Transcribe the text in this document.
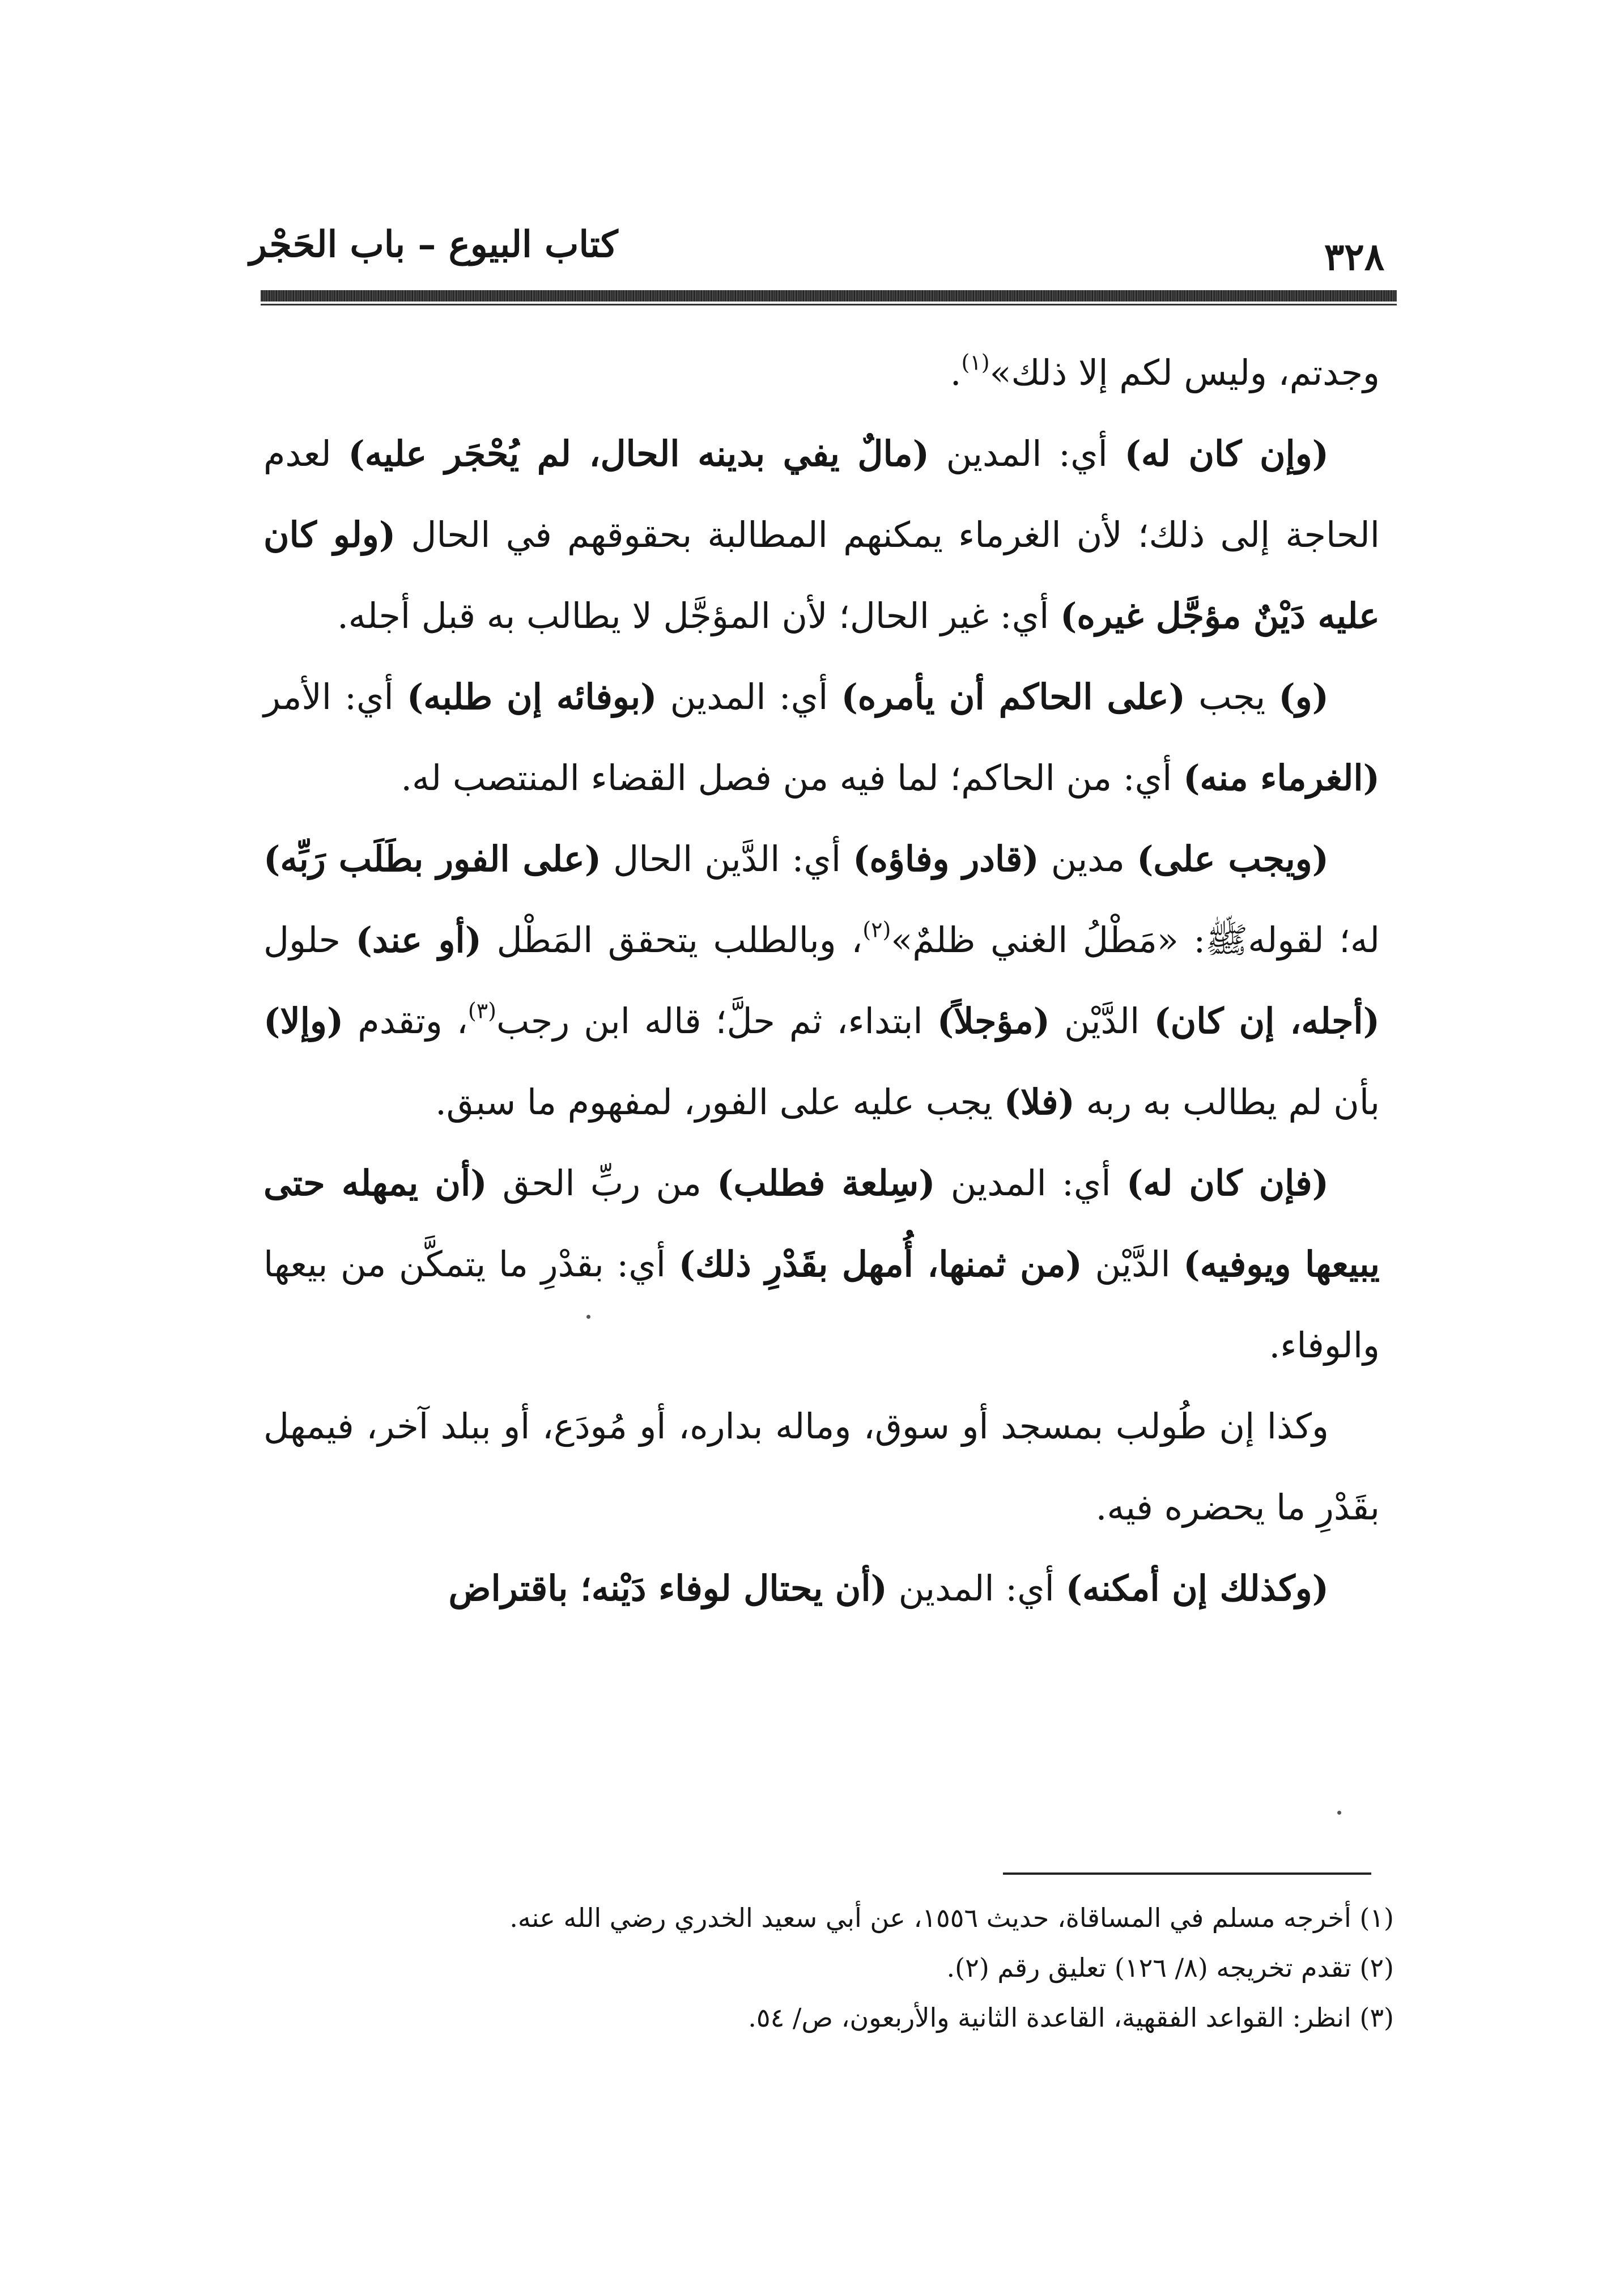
كتاب البيوع – باب الحَجْر	٣٢٨

وجدتم، وليس لكم إلا ذلك»$^{(١)}$.

(وإن كان له) أي: المدين (مالٌ يفي بدينه الحال، لم يُحْجَر عليه) لعدم الحاجة إلى ذلك؛ لأن الغرماء يمكنهم المطالبة بحقوقهم في الحال (ولو كان عليه دَيْنٌ مؤجَّل غيره) أي: غير الحال؛ لأن المؤجَّل لا يطالب به قبل أجله.

(و) يجب (على الحاكم أن يأمره) أي: المدين (بوفائه إن طلبه) أي: الأمر (الغرماء منه) أي: من الحاكم؛ لما فيه من فصل القضاء المنتصب له.

(ويجب على) مدين (قادر وفاؤه) أي: الدَّين الحال (على الفور بطَلَب رَبِّه) له؛ لقولهﷺ: «مَطْلُ الغني ظلمٌ»$^{(٢)}$، وبالطلب يتحقق المَطْل (أو عند) حلول (أجله، إن كان) الدَّيْن (مؤجلاً) ابتداء، ثم حلَّ؛ قاله ابن رجب$^{(٣)}$، وتقدم (وإلا) بأن لم يطالب به ربه (فلا) يجب عليه على الفور، لمفهوم ما سبق.

(فإن كان له) أي: المدين (سِلعة فطلب) من ربِّ الحق (أن يمهله حتى يبيعها ويوفيه) الدَّيْن (من ثمنها، أُمهل بقَدْرِ ذلك) أي: بقدْرِ ما يتمكَّن من بيعها والوفاء.

وكذا إن طُولب بمسجد أو سوق، وماله بداره، أو مُودَع، أو ببلد آخر، فيمهل بقَدْرِ ما يحضره فيه.

(وكذلك إن أمكنه) أي: المدين (أن يحتال لوفاء دَيْنه؛ باقتراض

(١) أخرجه مسلم في المساقاة، حديث ١٥٥٦، عن أبي سعيد الخدري رضي الله عنه.

(٢) تقدم تخريجه (٨/ ١٢٦) تعليق رقم (٢).

(٣) انظر: القواعد الفقهية، القاعدة الثانية والأربعون، ص/ ٥٤.
